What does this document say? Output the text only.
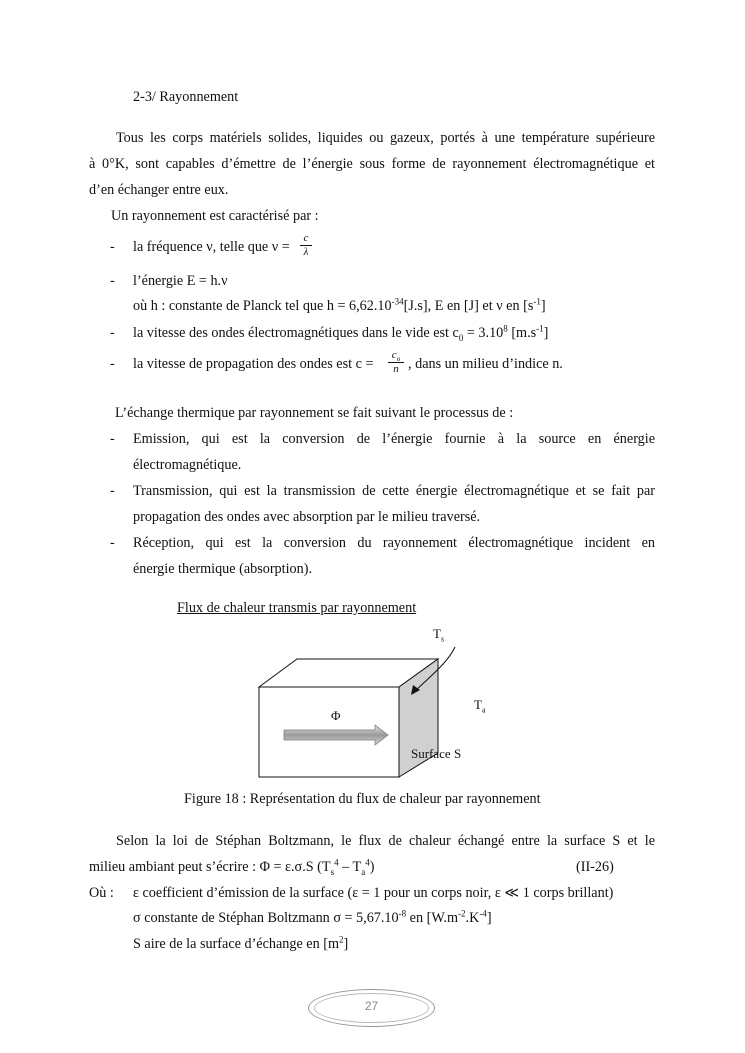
2-3/ Rayonnement
Tous les corps matériels solides, liquides ou gazeux, portés à une température supérieure
à 0°K, sont capables d’émettre de l’énergie sous forme de rayonnement électromagnétique et
d’en échanger entre eux.
Un rayonnement est caractérisé par :
- la fréquence ν, telle que ν =
c
λ
- l’énergie E = h.ν
où h : constante de Planck tel que $h = 6,62.10^{-34}[J.s]$, E en [J] et ν en $[s^{-1}]$
- la vitesse des ondes électromagnétiques dans le vide est $c_0 = 3.10^8$ $[m.s^{-1}]$
- la vitesse de propagation des ondes est c =
$c_o$
n , dans un milieu d’indice n.
L’échange thermique par rayonnement se fait suivant le processus de :
- Emission, qui est la conversion de l’énergie fournie à la source en énergie
électromagnétique.
- Transmission, qui est la transmission de cette énergie électromagnétique et se fait par
propagation des ondes avec absorption par le milieu traversé.
- Réception, qui est la conversion du rayonnement électromagnétique incident en
énergie thermique (absorption).
Flux de chaleur transmis par rayonnement
$T_s$
$T_a$
Φ
Surface S
Figure 18 : Représentation du flux de chaleur par rayonnement
Selon la loi de Stéphan Boltzmann, le flux de chaleur échangé entre la surface S et le
milieu ambiant peut s’écrire : Φ = ε.σ.S $(T_s^4 - T_a^4)$	(II-26)
Où : ε coefficient d’émission de la surface (ε = 1 pour un corps noir, ε ≪ 1 corps brillant)
σ constante de Stéphan Boltzmann $\sigma = 5,67.10^{-8}$ en $[W.m^{-2}.K^{-4}]$
S aire de la surface d’échange en $[m^2]$
27
